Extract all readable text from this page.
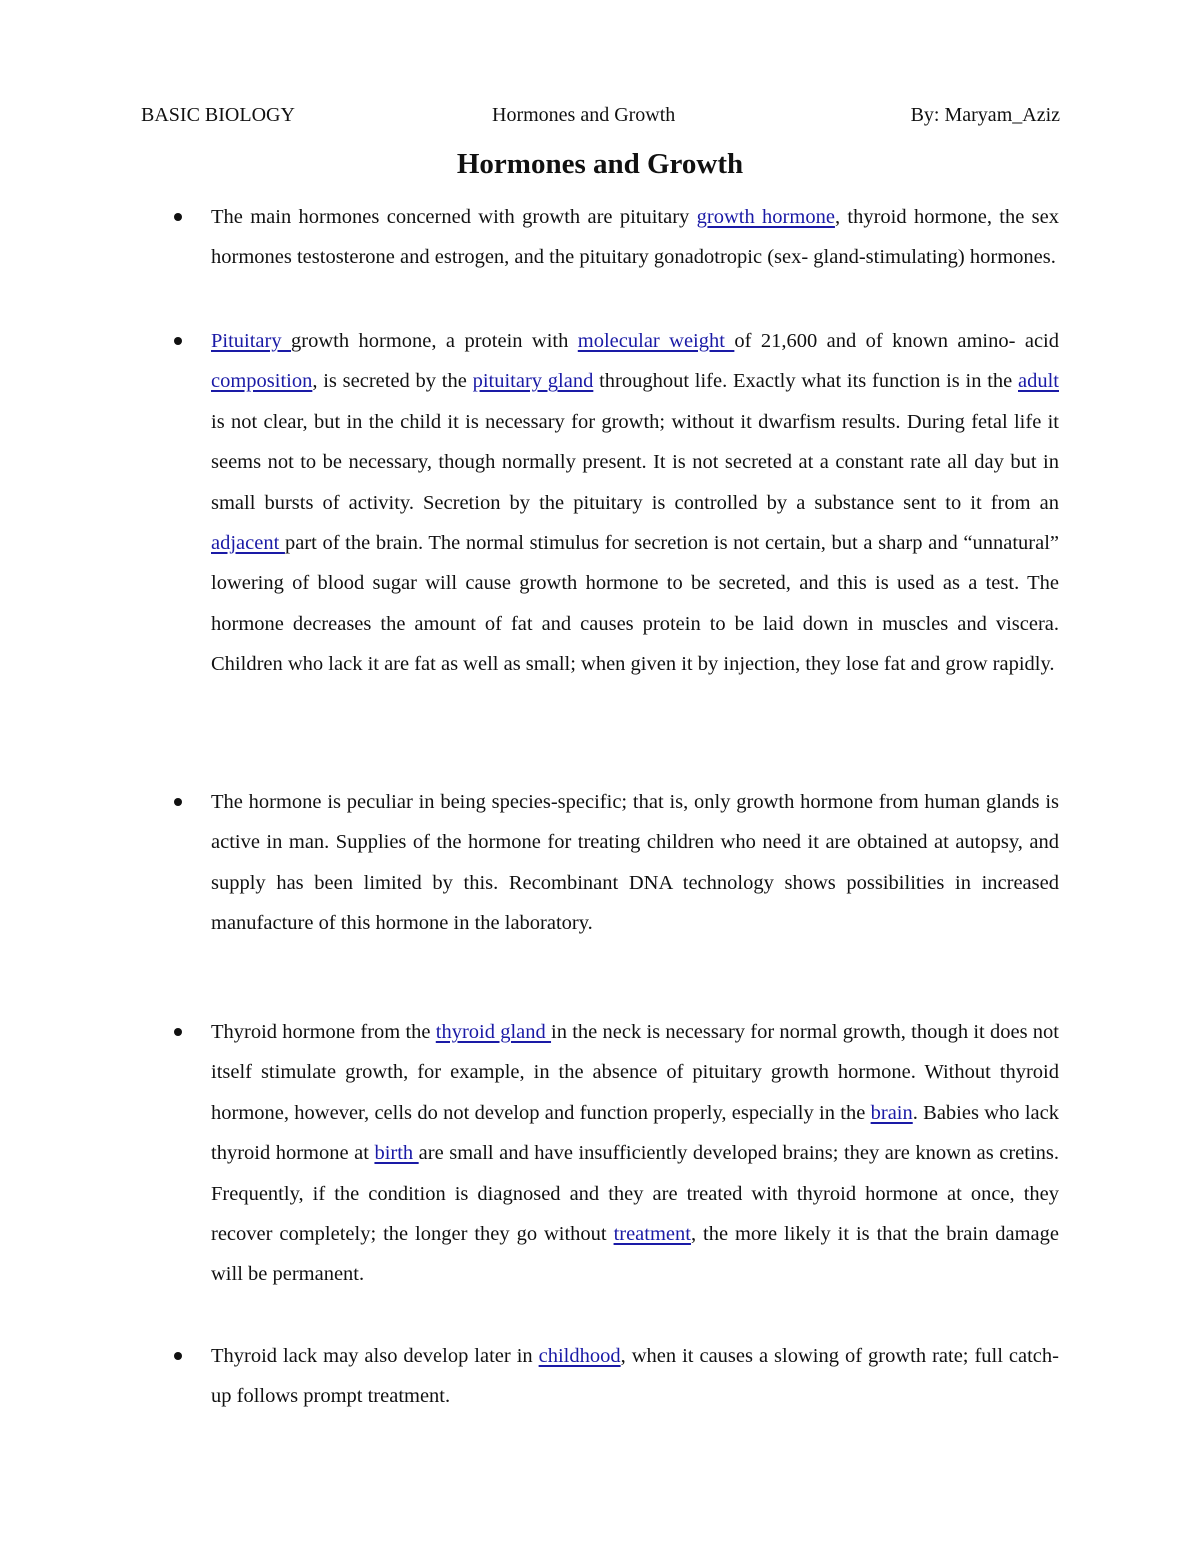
BASIC BIOLOGY	Hormones and Growth	By: Maryam_Aziz
Hormones and Growth
The main hormones concerned with growth are pituitary growth hormone, thyroid hormone, the sex hormones testosterone and estrogen, and the pituitary gonadotropic (sex- gland-stimulating) hormones.
Pituitary growth hormone, a protein with molecular weight of 21,600 and of known amino- acid composition, is secreted by the pituitary gland throughout life. Exactly what its function is in the adult is not clear, but in the child it is necessary for growth; without it dwarfism results. During fetal life it seems not to be necessary, though normally present. It is not secreted at a constant rate all day but in small bursts of activity. Secretion by the pituitary is controlled by a substance sent to it from an adjacent part of the brain. The normal stimulus for secretion is not certain, but a sharp and “unnatural” lowering of blood sugar will cause growth hormone to be secreted, and this is used as a test. The hormone decreases the amount of fat and causes protein to be laid down in muscles and viscera. Children who lack it are fat as well as small; when given it by injection, they lose fat and grow rapidly.
The hormone is peculiar in being species-specific; that is, only growth hormone from human glands is active in man. Supplies of the hormone for treating children who need it are obtained at autopsy, and supply has been limited by this. Recombinant DNA technology shows possibilities in increased manufacture of this hormone in the laboratory.
Thyroid hormone from the thyroid gland in the neck is necessary for normal growth, though it does not itself stimulate growth, for example, in the absence of pituitary growth hormone. Without thyroid hormone, however, cells do not develop and function properly, especially in the brain. Babies who lack thyroid hormone at birth are small and have insufficiently developed brains; they are known as cretins. Frequently, if the condition is diagnosed and they are treated with thyroid hormone at once, they recover completely; the longer they go without treatment, the more likely it is that the brain damage will be permanent.
Thyroid lack may also develop later in childhood, when it causes a slowing of growth rate; full catch-up follows prompt treatment.
